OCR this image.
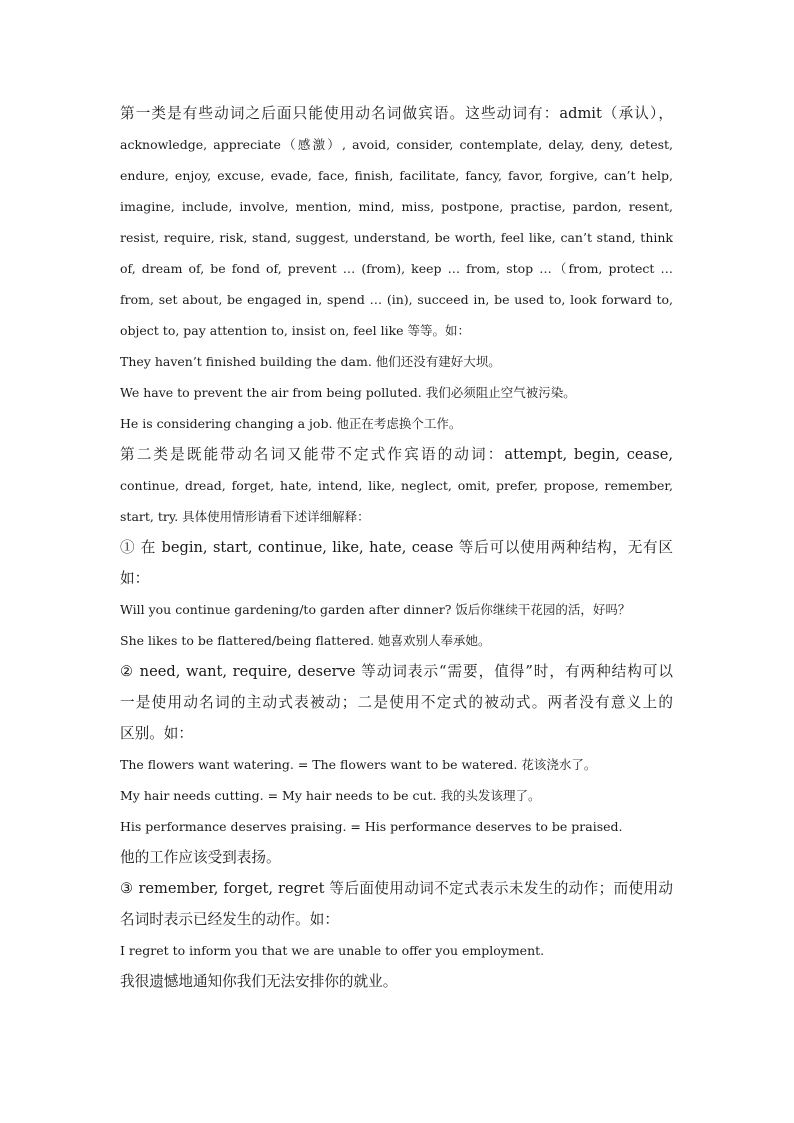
第一类是有些动词之后面只能使用动名词做宾语。这些动词有：admit（承认），
acknowledge, appreciate（感激）, avoid, consider, contemplate, delay, deny, detest,
endure, enjoy, excuse, evade, face, finish, facilitate, fancy, favor, forgive, can’t help,
imagine, include, involve, mention, mind, miss, postpone, practise, pardon, resent,
resist, require, risk, stand, suggest, understand, be worth, feel like, can’t stand, think
of, dream of, be fond of, prevent … (from), keep … from, stop …（from, protect …
from, set about, be engaged in, spend … (in), succeed in, be used to, look forward to,
object to, pay attention to, insist on, feel like 等等。如：
They haven’t finished building the dam. 他们还没有建好大坝。
We have to prevent the air from being polluted. 我们必须阻止空气被污染。
He is considering changing a job. 他正在考虑换个工作。
第二类是既能带动名词又能带不定式作宾语的动词：attempt, begin, cease,
continue, dread, forget, hate, intend, like, neglect, omit, prefer, propose, remember,
start, try. 具体使用情形请看下述详细解释：
① 在 begin, start, continue, like, hate, cease 等后可以使用两种结构，无有区
如：
Will you continue gardening/to garden after dinner? 饭后你继续干花园的活，好吗？
She likes to be flattered/being flattered. 她喜欢别人奉承她。
② need, want, require, deserve 等动词表示“需要，值得”时，有两种结构可以
一是使用动名词的主动式表被动；二是使用不定式的被动式。两者没有意义上的
区别。如：
The flowers want watering. = The flowers want to be watered. 花该浇水了。
My hair needs cutting. = My hair needs to be cut. 我的头发该理了。
His performance deserves praising. = His performance deserves to be praised.
他的工作应该受到表扬。
③ remember, forget, regret 等后面使用动词不定式表示未发生的动作；而使用动
名词时表示已经发生的动作。如：
I regret to inform you that we are unable to offer you employment.
我很遗憾地通知你我们无法安排你的就业。
